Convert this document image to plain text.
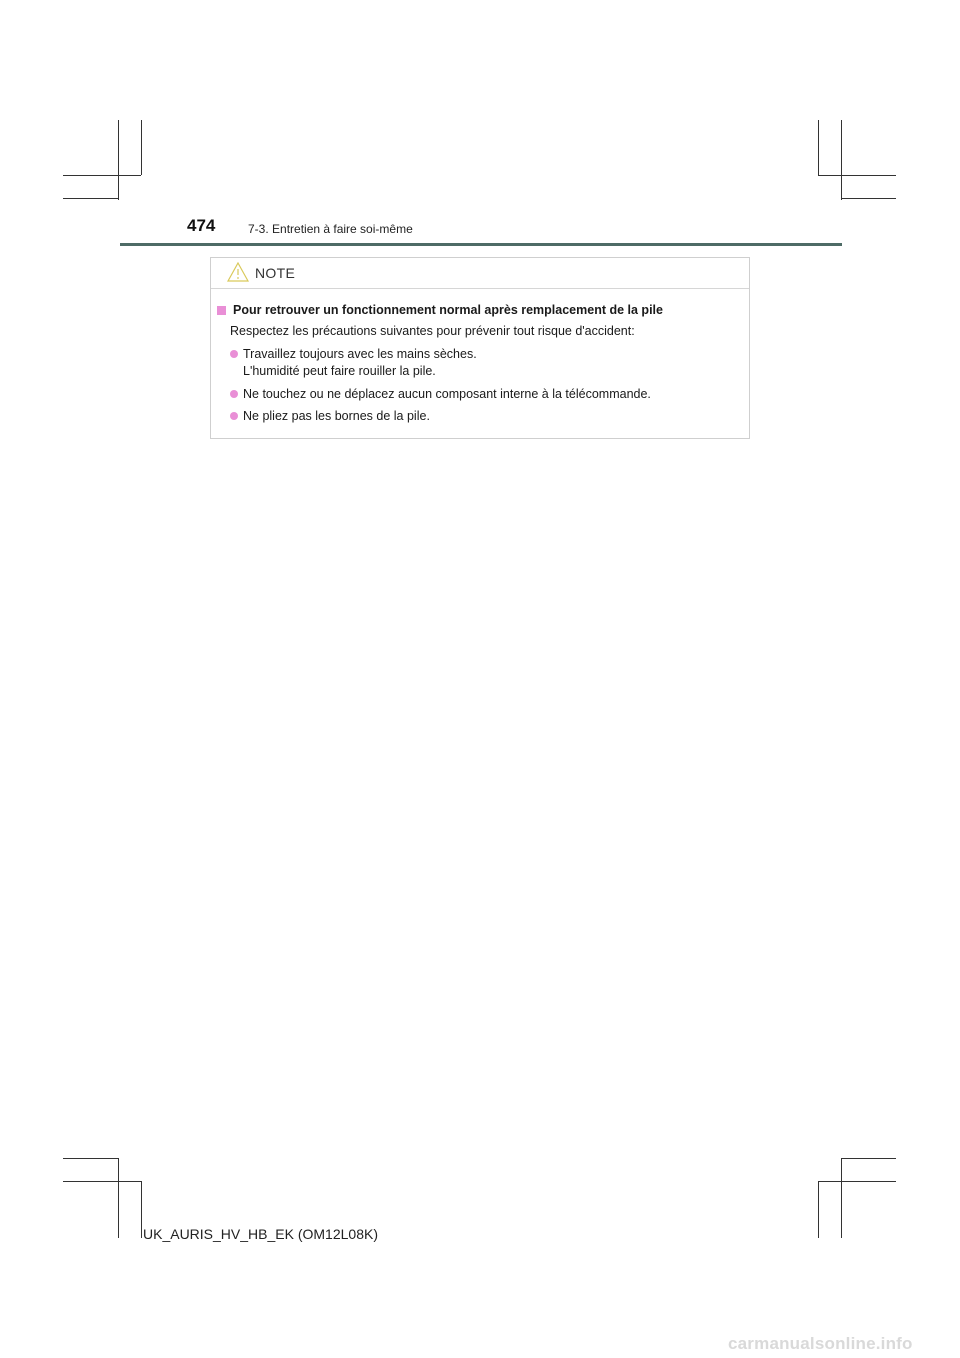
474	7-3. Entretien à faire soi-même
NOTE
Pour retrouver un fonctionnement normal après remplacement de la pile
Respectez les précautions suivantes pour prévenir tout risque d'accident:
Travaillez toujours avec les mains sèches.
L'humidité peut faire rouiller la pile.
Ne touchez ou ne déplacez aucun composant interne à la télécommande.
Ne pliez pas les bornes de la pile.
UK_AURIS_HV_HB_EK (OM12L08K)
carmanualsonline.info
